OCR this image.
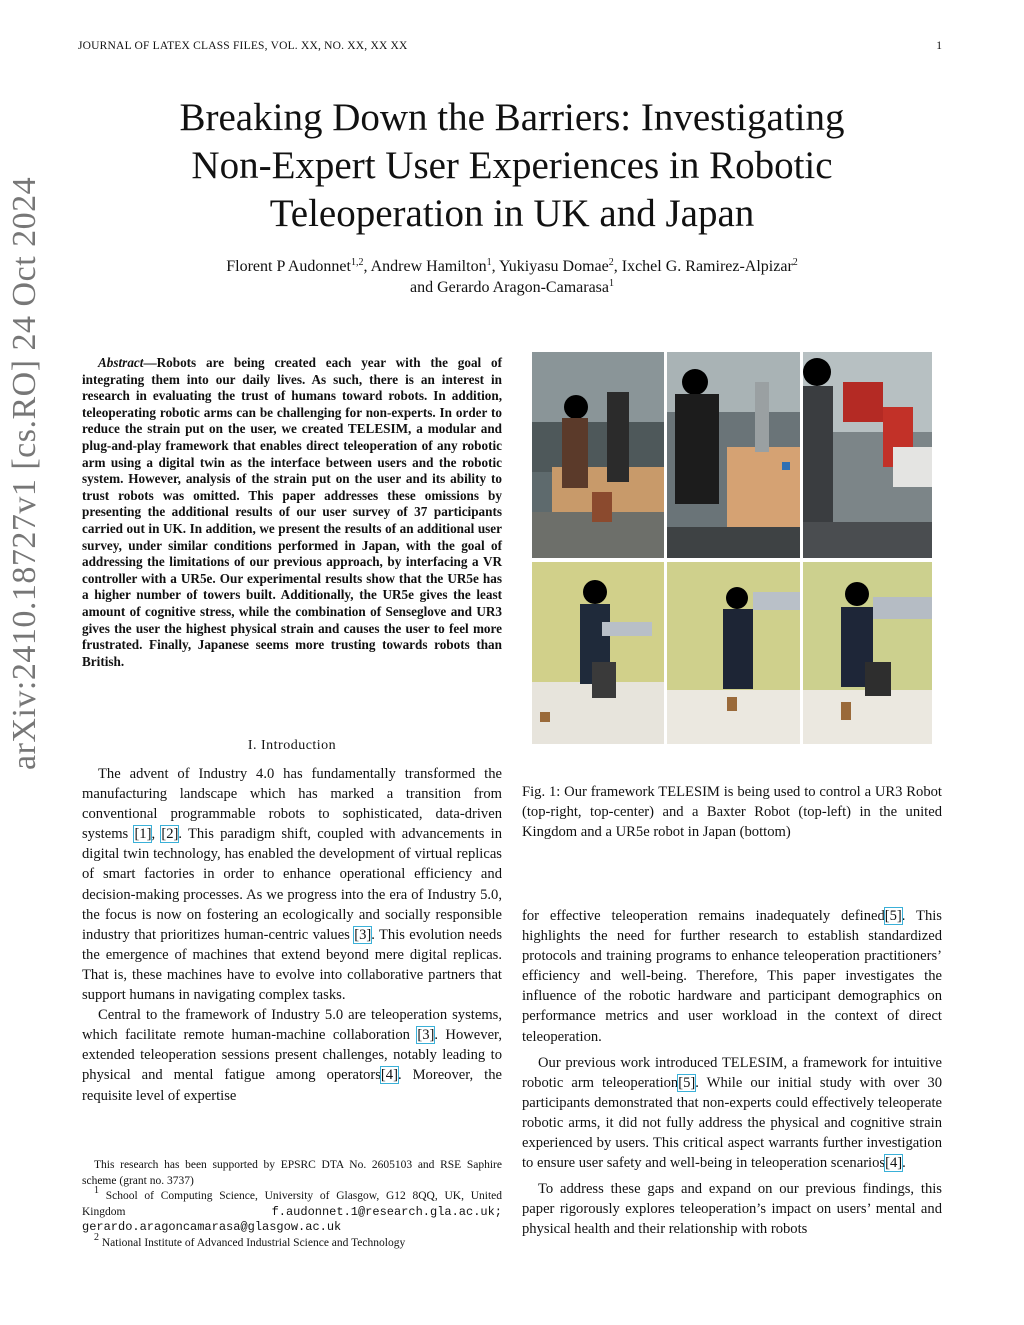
JOURNAL OF LATEX CLASS FILES, VOL. XX, NO. XX, XX XX	1
Breaking Down the Barriers: Investigating
Non-Expert User Experiences in Robotic
Teleoperation in UK and Japan
Florent P Audonnet$^{1,2}$, Andrew Hamilton$^1$, Yukiyasu Domae$^2$, Ixchel G. Ramirez-Alpizar$^2$
and Gerardo Aragon-Camarasa$^1$
arXiv:2410.18727v1 [cs.RO] 24 Oct 2024	Abstract—Robots are being created each year with the goal of integrating them into our daily lives. As such, there is an interest in research in evaluating the trust of humans toward robots. In addition, teleoperating robotic arms can be challenging for non-experts. In order to reduce the strain put on the user, we created TELESIM, a modular and plug-and-play framework that enables direct teleoperation of any robotic arm using a digital twin as the interface between users and the robotic system. However, analysis of the strain put on the user and its ability to trust robots was omitted. This paper addresses these omissions by presenting the additional results of our user survey of 37 participants carried out in UK. In addition, we present the results of an additional user survey, under similar conditions performed in Japan, with the goal of addressing the limitations of our previous approach, by interfacing a VR controller with a UR5e. Our experimental results show that the UR5e has a higher number of towers built. Additionally, the UR5e gives the least amount of cognitive stress, while the combination of Senseglove and UR3 gives the user the highest physical strain and causes the user to feel more frustrated. Finally, Japanese seems more trusting towards robots than British.
I. Introduction

The advent of Industry 4.0 has fundamentally transformed the manufacturing landscape which has marked a transition from conventional programmable robots to sophisticated, data-driven systems [1], [2]. This paradigm shift, coupled with advancements in digital twin technology, has enabled the development of virtual replicas of smart factories in order to enhance operational efficiency and decision-making processes. As we progress into the era of Industry 5.0, the focus is now on fostering an ecologically and socially responsible industry that prioritizes human-centric values [3]. This evolution needs the emergence of machines that extend beyond mere digital replicas. That is, these machines have to evolve into collaborative partners that support humans in navigating complex tasks.

Central to the framework of Industry 5.0 are teleoperation systems, which facilitate remote human-machine collaboration [3]. However, extended teleoperation sessions present challenges, notably leading to physical and mental fatigue among operators[4]. Moreover, the requisite level of expertise

This research has been supported by EPSRC DTA No. 2605103 and RSE Saphire scheme (grant no. 3737)

$^1$ School of Computing Science, University of Glasgow, G12 8QQ, UK, United Kingdom f.audonnet.1@research.gla.ac.uk; gerardo.aragoncamarasa@glasgow.ac.uk

$^2$ National Institute of Advanced Industrial Science and Technology

Fig. 1: Our framework TELESIM is being used to control a UR3 Robot (top-right, top-center) and a Baxter Robot (top-left) in the united Kingdom and a UR5e robot in Japan (bottom)

for effective teleoperation remains inadequately defined[5]. This highlights the need for further research to establish standardized protocols and training programs to enhance teleoperation practitioners’ efficiency and well-being. Therefore, This paper investigates the influence of the robotic hardware and participant demographics on performance metrics and user workload in the context of direct teleoperation.

Our previous work introduced TELESIM, a framework for intuitive robotic arm teleoperation[5]. While our initial study with over 30 participants demonstrated that non-experts could effectively teleoperate robotic arms, it did not fully address the physical and cognitive strain experienced by users. This critical aspect warrants further investigation to ensure user safety and well-being in teleoperation scenarios[4].

To address these gaps and expand on our previous findings, this paper rigorously explores teleoperation’s impact on users’ mental and physical health and their relationship with robots
